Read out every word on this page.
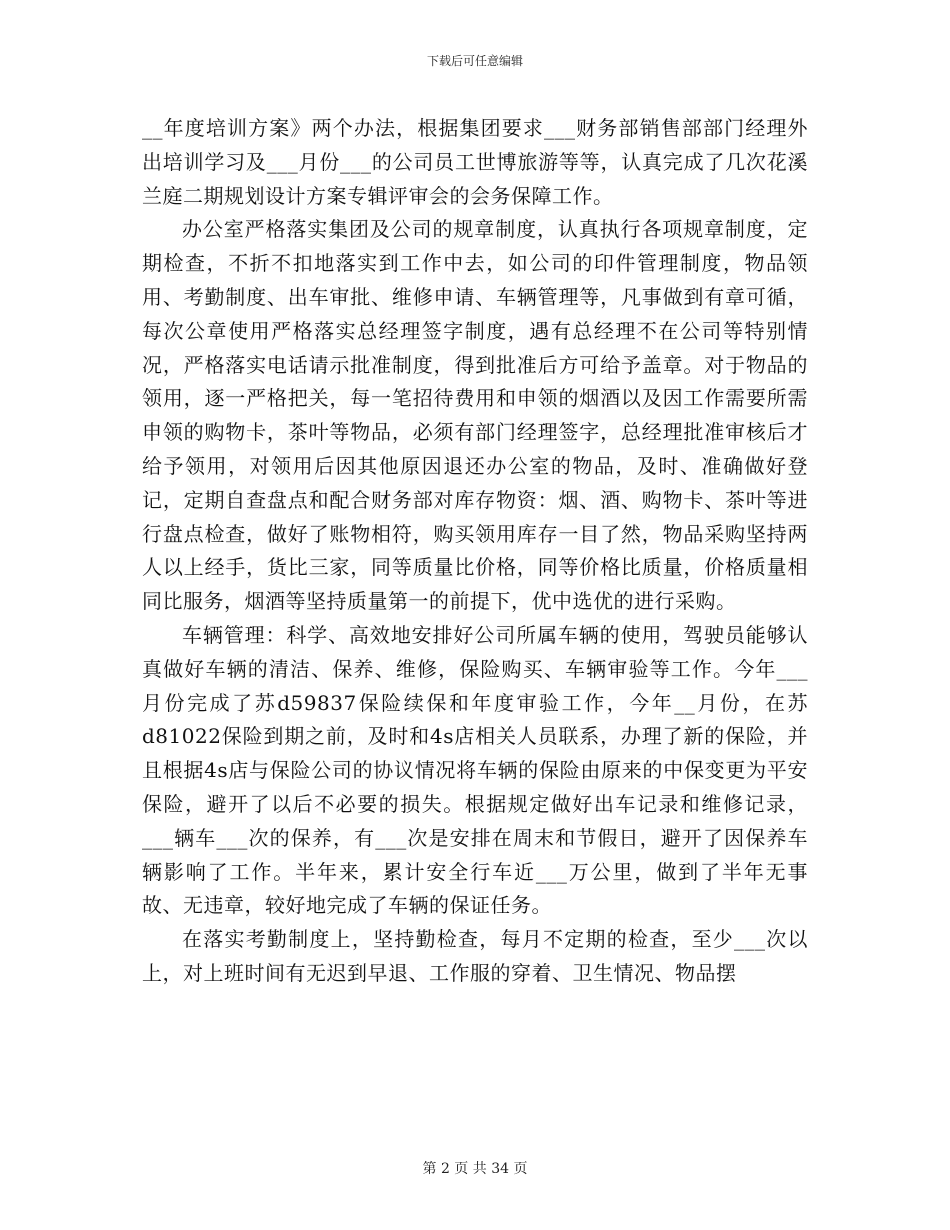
下载后可任意编辑

__年度培训方案》两个办法，根据集团要求___财务部销售部部门经理外出培训学习及___月份___的公司员工世博旅游等等，认真完成了几次花溪兰庭二期规划设计方案专辑评审会的会务保障工作。

办公室严格落实集团及公司的规章制度，认真执行各项规章制度，定期检查，不折不扣地落实到工作中去，如公司的印件管理制度，物品领用、考勤制度、出车审批、维修申请、车辆管理等，凡事做到有章可循，每次公章使用严格落实总经理签字制度，遇有总经理不在公司等特别情况，严格落实电话请示批准制度，得到批准后方可给予盖章。对于物品的领用，逐一严格把关，每一笔招待费用和申领的烟酒以及因工作需要所需申领的购物卡，茶叶等物品，必须有部门经理签字，总经理批准审核后才给予领用，对领用后因其他原因退还办公室的物品，及时、准确做好登记，定期自查盘点和配合财务部对库存物资：烟、酒、购物卡、茶叶等进行盘点检查，做好了账物相符，购买领用库存一目了然，物品采购坚持两人以上经手，货比三家，同等质量比价格，同等价格比质量，价格质量相同比服务，烟酒等坚持质量第一的前提下，优中选优的进行采购。

车辆管理：科学、高效地安排好公司所属车辆的使用，驾驶员能够认真做好车辆的清洁、保养、维修，保险购买、车辆审验等工作。今年___月份完成了苏d59837保险续保和年度审验工作，今年__月份，在苏d81022保险到期之前，及时和4s店相关人员联系，办理了新的保险，并且根据4s店与保险公司的协议情况将车辆的保险由原来的中保变更为平安保险，避开了以后不必要的损失。根据规定做好出车记录和维修记录，___辆车___次的保养，有___次是安排在周末和节假日，避开了因保养车辆影响了工作。半年来，累计安全行车近___万公里，做到了半年无事故、无违章，较好地完成了车辆的保证任务。

在落实考勤制度上，坚持勤检查，每月不定期的检查，至少___次以上，对上班时间有无迟到早退、工作服的穿着、卫生情况、物品摆

第 2 页 共 34 页
